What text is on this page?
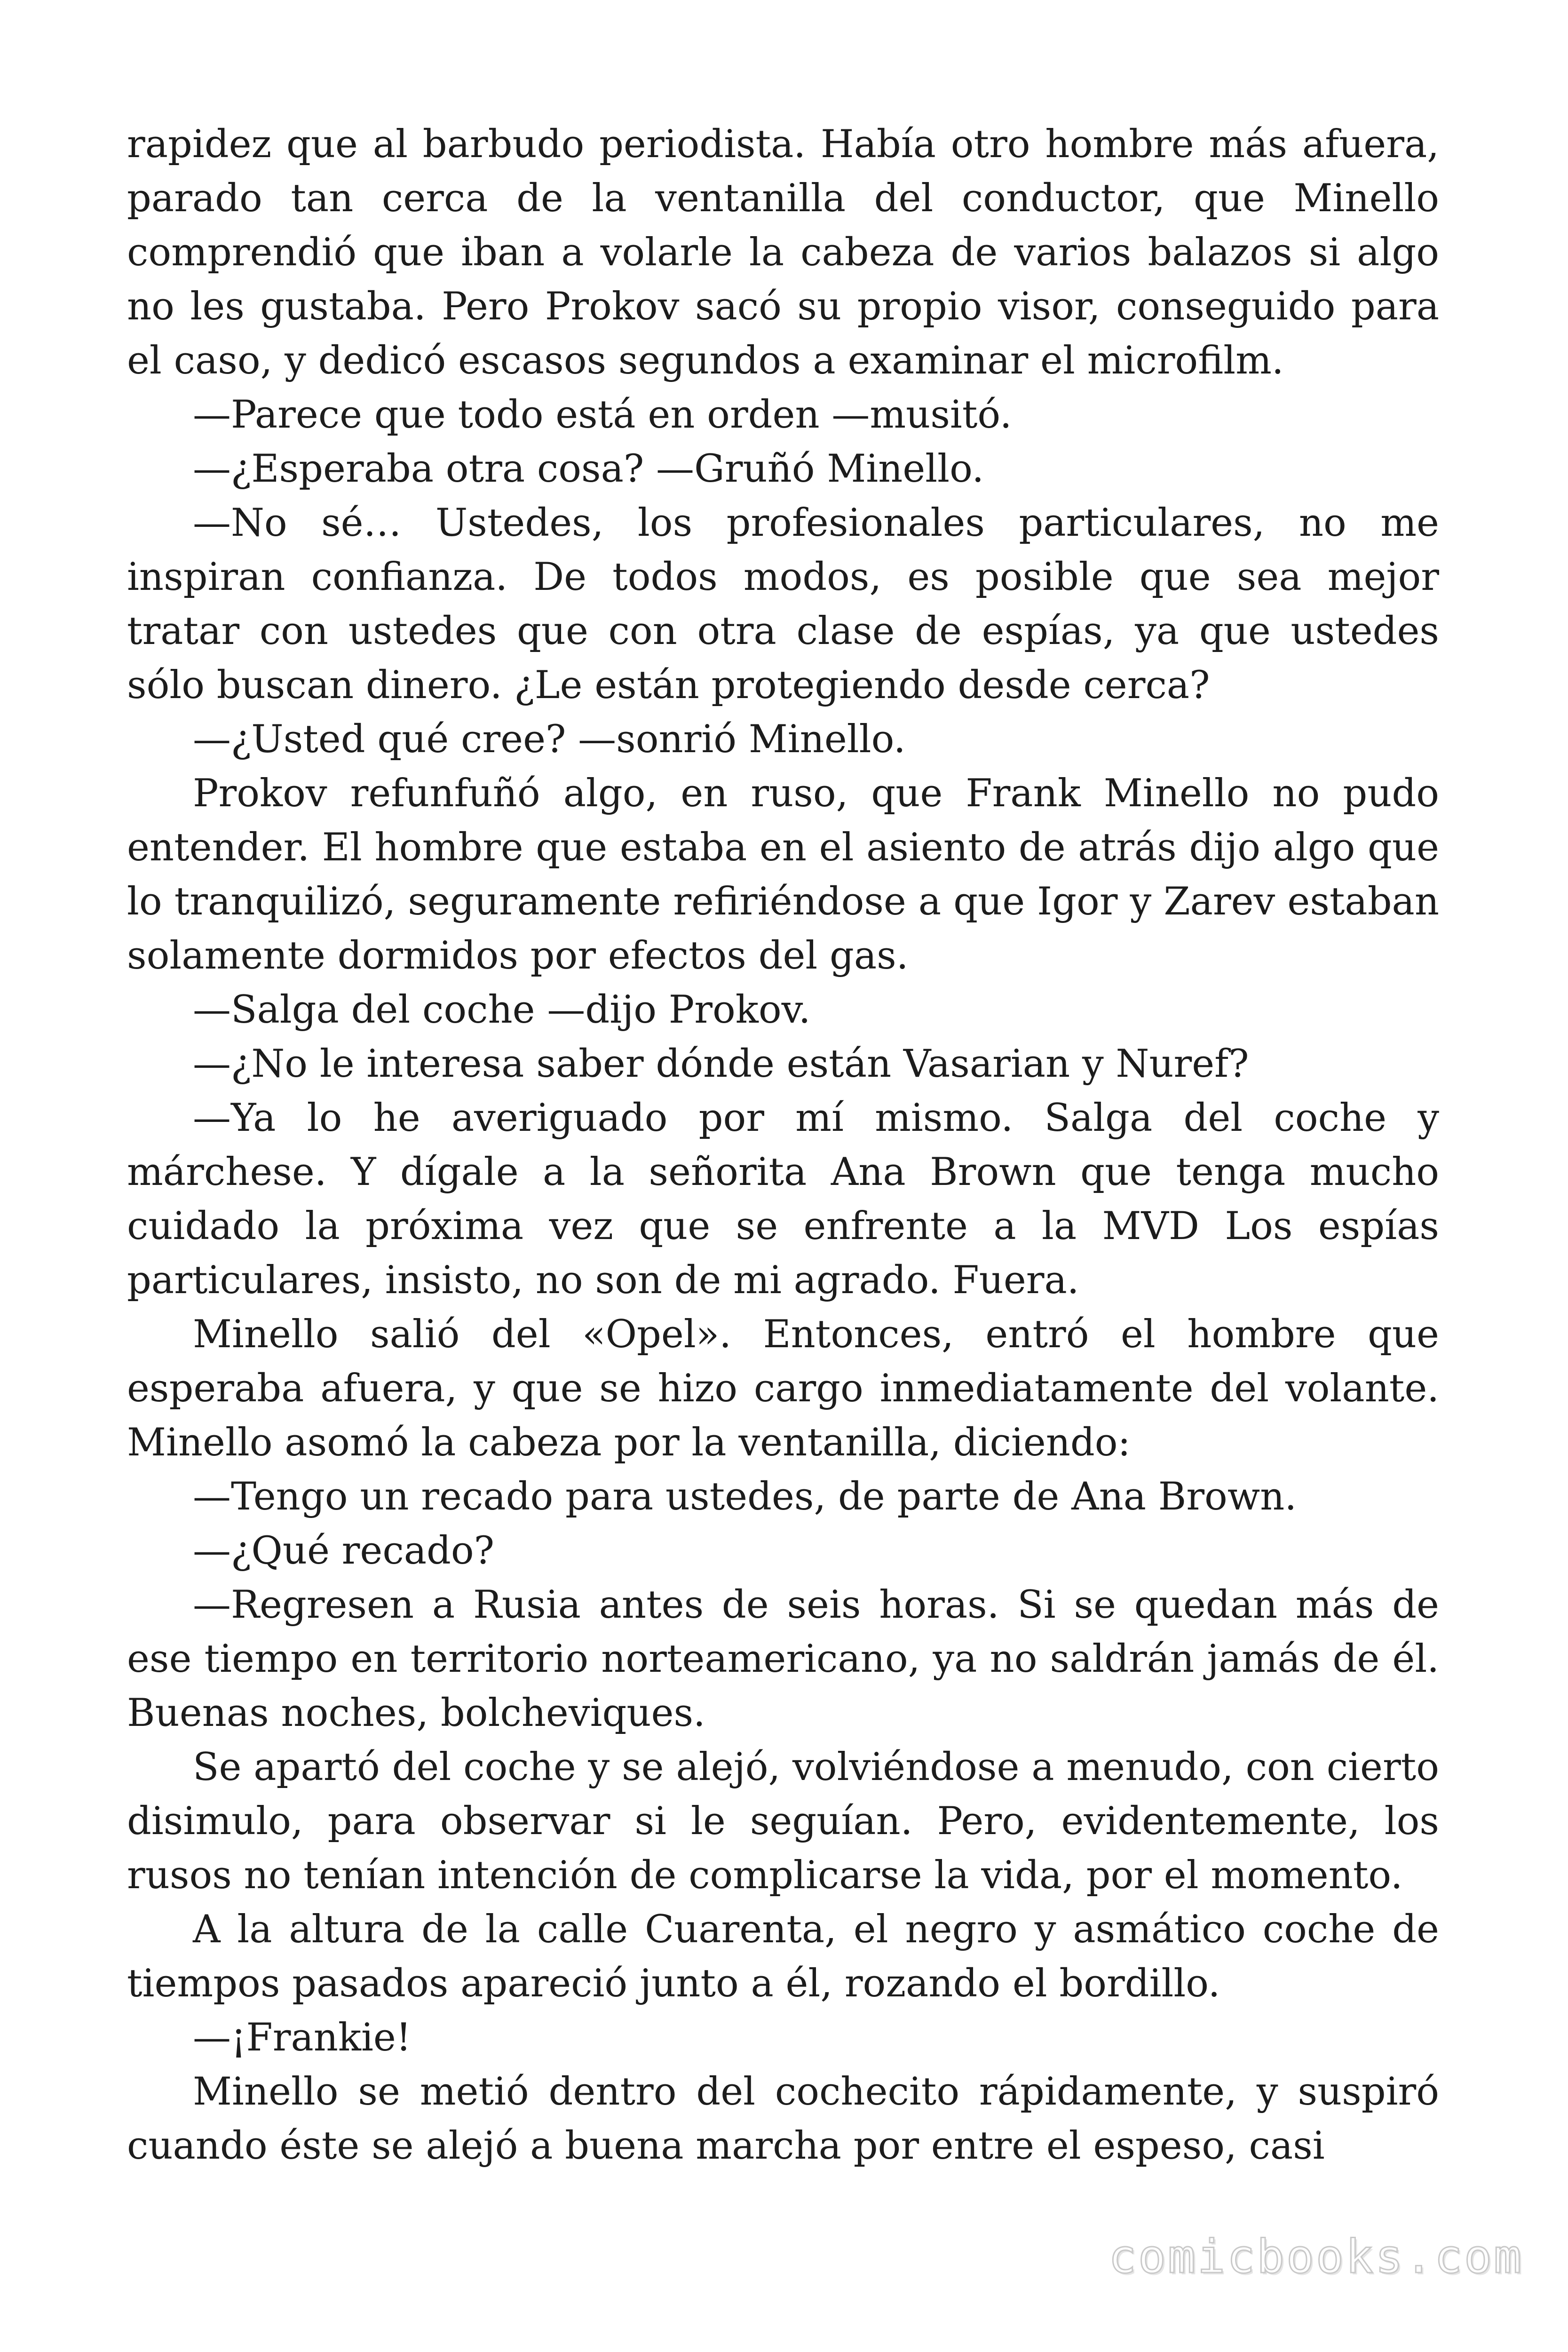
rapidez que al barbudo periodista. Había otro hombre más afuera, parado tan cerca de la ventanilla del conductor, que Minello comprendió que iban a volarle la cabeza de varios balazos si algo no les gustaba. Pero Prokov sacó su propio visor, conseguido para el caso, y dedicó escasos segundos a examinar el microfilm.

—Parece que todo está en orden —musitó.

—¿Esperaba otra cosa? —Gruñó Minello.

—No sé… Ustedes, los profesionales particulares, no me inspiran confianza. De todos modos, es posible que sea mejor tratar con ustedes que con otra clase de espías, ya que ustedes sólo buscan dinero. ¿Le están protegiendo desde cerca?

—¿Usted qué cree? —sonrió Minello.

Prokov refunfuñó algo, en ruso, que Frank Minello no pudo entender. El hombre que estaba en el asiento de atrás dijo algo que lo tranquilizó, seguramente refiriéndose a que Igor y Zarev estaban solamente dormidos por efectos del gas.

—Salga del coche —dijo Prokov.

—¿No le interesa saber dónde están Vasarian y Nuref?

—Ya lo he averiguado por mí mismo. Salga del coche y márchese. Y dígale a la señorita Ana Brown que tenga mucho cuidado la próxima vez que se enfrente a la MVD Los espías particulares, insisto, no son de mi agrado. Fuera.

Minello salió del «Opel». Entonces, entró el hombre que esperaba afuera, y que se hizo cargo inmediatamente del volante. Minello asomó la cabeza por la ventanilla, diciendo:

—Tengo un recado para ustedes, de parte de Ana Brown.

—¿Qué recado?

—Regresen a Rusia antes de seis horas. Si se quedan más de ese tiempo en territorio norteamericano, ya no saldrán jamás de él. Buenas noches, bolcheviques.

Se apartó del coche y se alejó, volviéndose a menudo, con cierto disimulo, para observar si le seguían. Pero, evidentemente, los rusos no tenían intención de complicarse la vida, por el momento.

A la altura de la calle Cuarenta, el negro y asmático coche de tiempos pasados apareció junto a él, rozando el bordillo.

—¡Frankie!

Minello se metió dentro del cochecito rápidamente, y suspiró cuando éste se alejó a buena marcha por entre el espeso, casi

comicbooks.com
